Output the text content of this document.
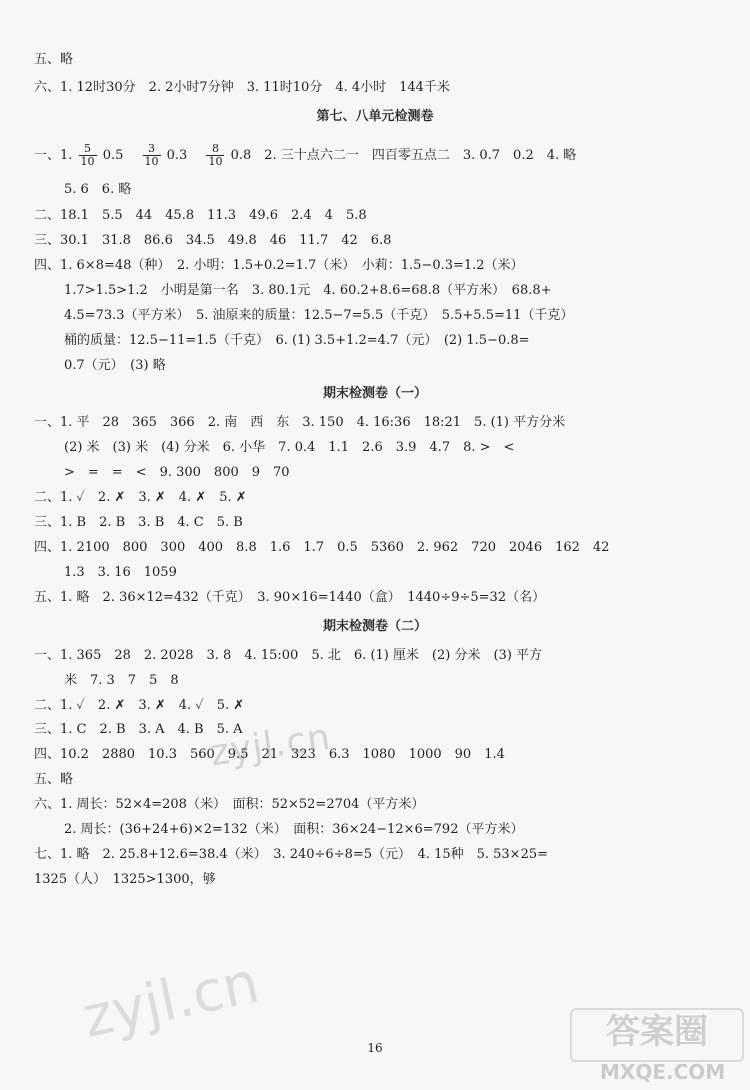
五、略
六、1. 12时30分　2. 2小时7分钟　3. 11时10分　4. 4小时　144千米
第七、八单元检测卷
一、1. $\frac{5}{10} 0.5$　 $\frac{3}{10} 0.3$　 $\frac{8}{10} 0.8$　2. 三十点六二一　四百零五点二　3. 0.7　0.2　4. 略
5. 6　6. 略
二、18.1　5.5　44　45.8　11.3　49.6　2.4　4　5.8
三、30.1　31.8　86.6　34.5　49.8　46　11.7　42　6.8
四、1. 6×8=48（种）　2. 小明：1.5+0.2=1.7（米）　小莉：1.5−0.3=1.2（米）
1.7>1.5>1.2　小明是第一名　3. 80.1元　4. 60.2+8.6=68.8（平方米）　68.8+
4.5=73.3（平方米）　5. 油原来的质量：12.5−7=5.5（千克）　5.5+5.5=11（千克）
桶的质量：12.5−11=1.5（千克）　6. (1) 3.5+1.2=4.7（元）　(2) 1.5−0.8=
0.7（元）　(3) 略
期末检测卷（一）
一、1. 平　28　365　366　2. 南　西　东　3. 150　4. 16:36　18:21　5. (1) 平方分米
(2) 米　(3) 米　(4) 分米　6. 小华　7. 0.4　1.1　2.6　3.9　4.7　8. >　<
>　=　=　<　9. 300　800　9　70
二、1. ✓　2. ✗　3. ✗　4. ✗　5. ✗
三、1. B　2. B　3. B　4. C　5. B
四、1. 2100　800　300　400　8.8　1.6　1.7　0.5　5360　2. 962　720　2046　162　42
1.3　3. 16　1059
五、1. 略　2. 36×12=432（千克）　3. 90×16=1440（盒）　1440÷9÷5=32（名）
期末检测卷（二）
一、1. 365　28　2. 2028　3. 8　4. 15:00　5. 北　6. (1) 厘米　(2) 分米　(3) 平方
米　7. 3　7　5　8
二、1. ✓　2. ✗　3. ✗　4. ✓　5. ✗
三、1. C　2. B　3. A　4. B　5. A
四、10.2　2880　10.3　560　9.5　21　323　6.3　1080　1000　90　1.4
五、略
六、1. 周长：52×4=208（米）　面积：52×52=2704（平方米）
2. 周长：(36+24+6)×2=132（米）　面积：36×24−12×6=792（平方米）
七、1. 略　2. 25.8+12.6=38.4（米）　3. 240÷6÷8=5（元）　4. 15种　5. 53×25=
1325（人）　1325>1300，够
zyjl.cn
zyjl.cn	答案圈
MXQE.COM
16
